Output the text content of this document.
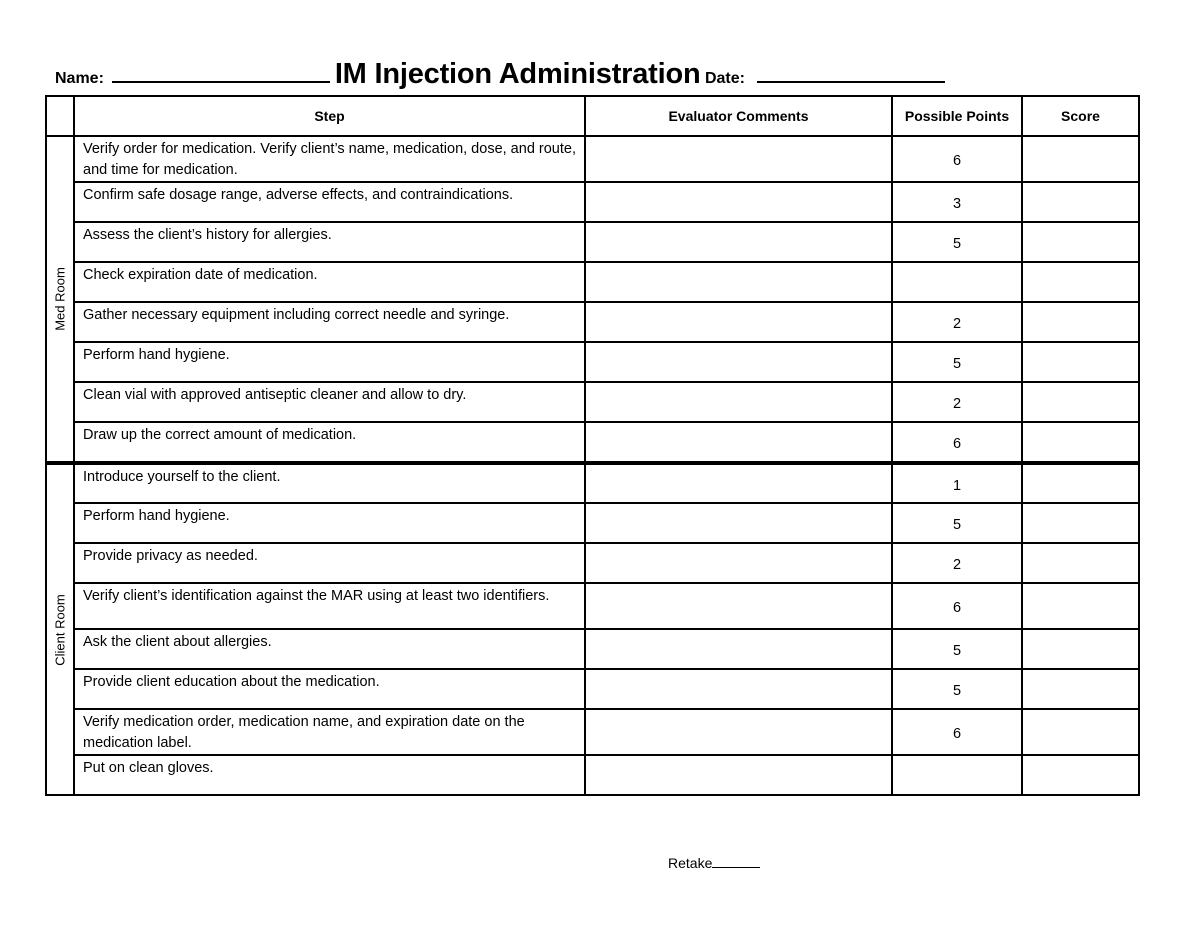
Name:	IM Injection Administration Date:
	Step	Evaluator Comments	Possible Points	Score

Med Room	Verify order for medication. Verify client’s name, medication, dose, and route, and time for medication.		6	
	Confirm safe dosage range, adverse effects, and contraindications.		3	
	Assess the client’s history for allergies.		5	
	Check expiration date of medication.			
	Gather necessary equipment including correct needle and syringe.		2	
	Perform hand hygiene.		5	
	Clean vial with approved antiseptic cleaner and allow to dry.		2	
	Draw up the correct amount of medication.		6	

Client Room	Introduce yourself to the client.		1	
	Perform hand hygiene.		5	
	Provide privacy as needed.		2	
	Verify client’s identification against the MAR using at least two identifiers.		6	
	Ask the client about allergies.		5	
	Provide client education about the medication.		5	
	Verify medication order, medication name, and expiration date on the medication label.		6	
	Put on clean gloves.			
Retake
